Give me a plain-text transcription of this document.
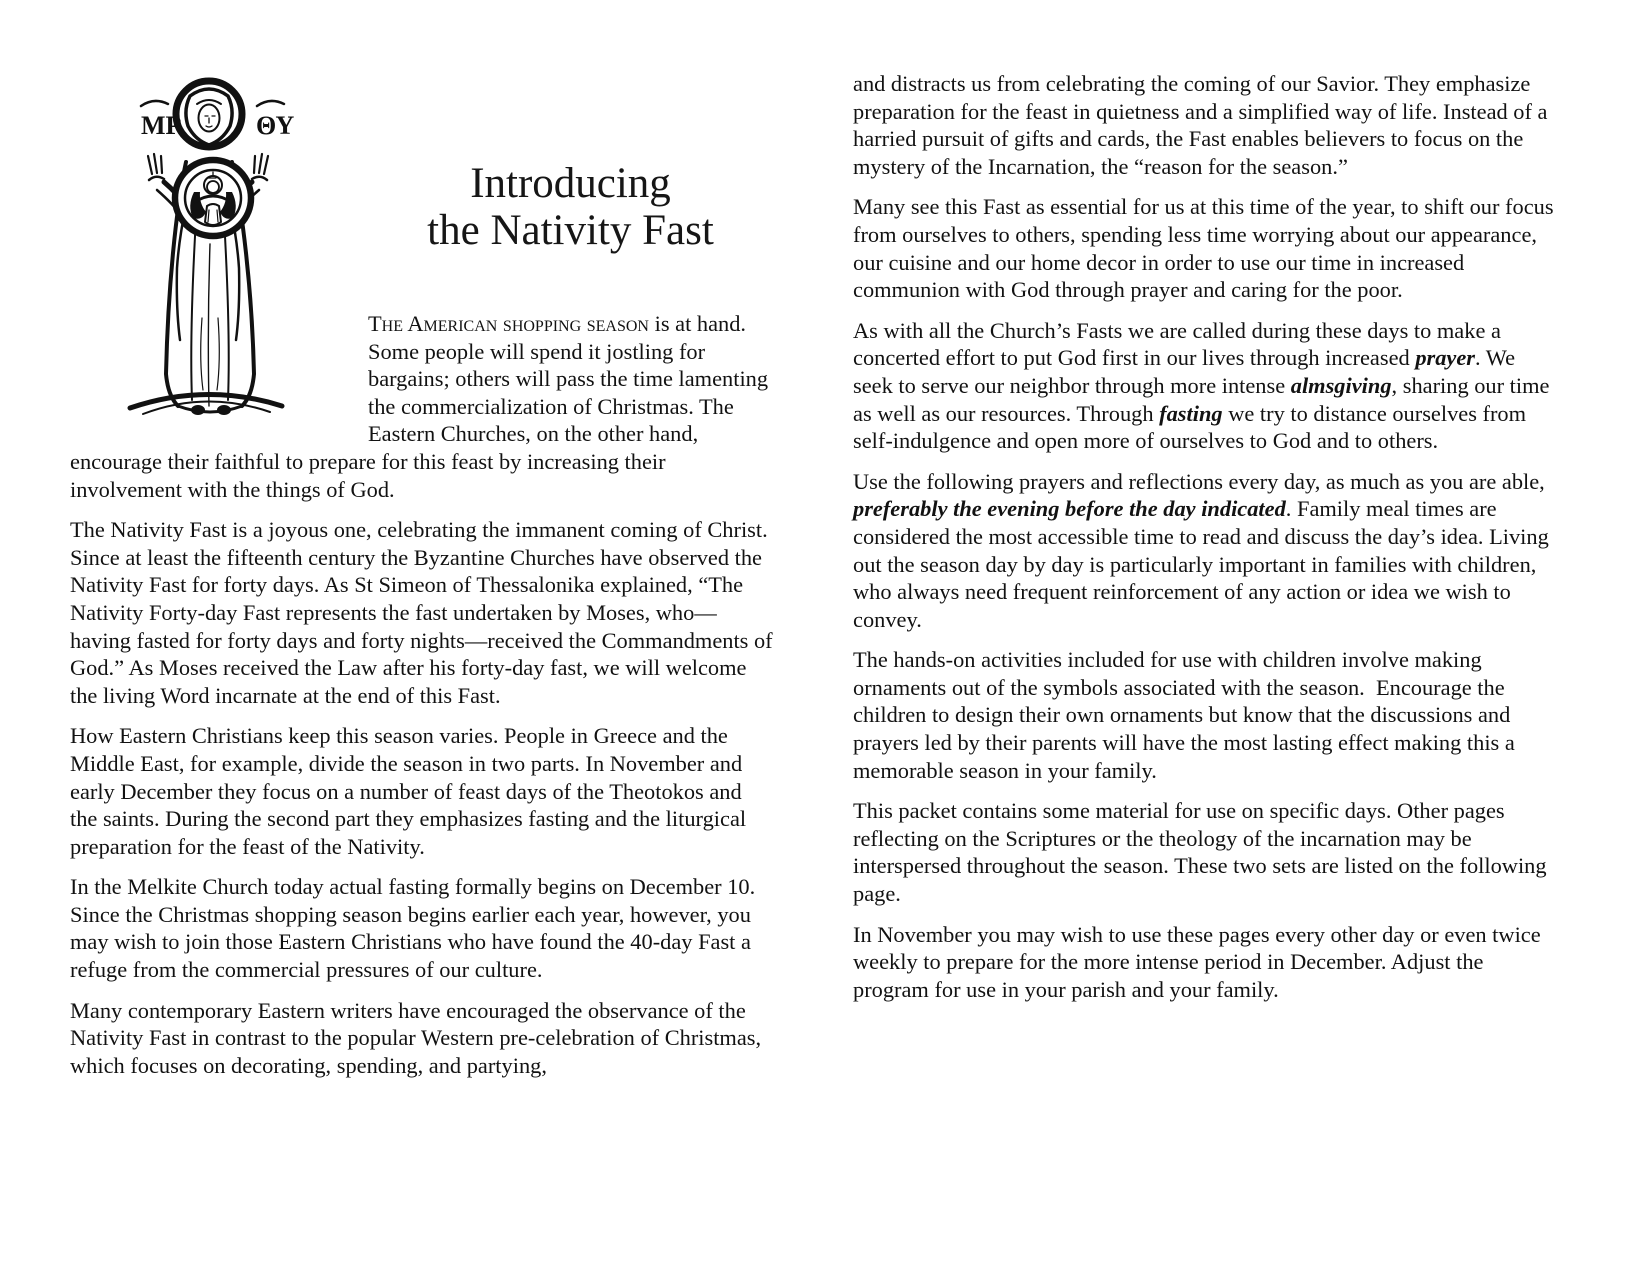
МР	ΘΥ
Introducing
the Nativity Fast

The American shopping season is at hand. Some people will spend it jostling for bargains; others will pass the time lamenting the commercialization of Christmas. The Eastern Churches, on the other hand, encourage their faithful to prepare for this feast by increasing their involvement with the things of God.

The Nativity Fast is a joyous one, celebrating the immanent coming of Christ. Since at least the fifteenth century the Byzantine Churches have observed the Nativity Fast for forty days. As St Simeon of Thessalonika explained, “The Nativity Forty-day Fast represents the fast undertaken by Moses, who—having fasted for forty days and forty nights—received the Commandments of God.” As Moses received the Law after his forty-day fast, we will welcome the living Word incarnate at the end of this Fast.

How Eastern Christians keep this season varies. People in Greece and the Middle East, for example, divide the season in two parts. In November and early December they focus on a number of feast days of the Theotokos and the saints. During the second part they emphasizes fasting and the liturgical preparation for the feast of the Nativity.

In the Melkite Church today actual fasting formally begins on December 10. Since the Christmas shopping season begins earlier each year, however, you may wish to join those Eastern Christians who have found the 40-day Fast a refuge from the commercial pressures of our culture.

Many contemporary Eastern writers have encouraged the observance of the Nativity Fast in contrast to the popular Western pre-celebration of Christmas, which focuses on decorating, spending, and partying,

and distracts us from celebrating the coming of our Savior. They emphasize preparation for the feast in quietness and a simplified way of life. Instead of a harried pursuit of gifts and cards, the Fast enables believers to focus on the mystery of the Incarnation, the “reason for the season.”

Many see this Fast as essential for us at this time of the year, to shift our focus from ourselves to others, spending less time worrying about our appearance, our cuisine and our home decor in order to use our time in increased communion with God through prayer and caring for the poor.

As with all the Church’s Fasts we are called during these days to make a concerted effort to put God first in our lives through increased prayer. We seek to serve our neighbor through more intense almsgiving, sharing our time as well as our resources. Through fasting we try to distance ourselves from self-indulgence and open more of ourselves to God and to others.

Use the following prayers and reflections every day, as much as you are able, preferably the evening before the day indicated. Family meal times are considered the most accessible time to read and discuss the day’s idea. Living out the season day by day is particularly important in families with children, who always need frequent reinforcement of any action or idea we wish to convey.

The hands-on activities included for use with children involve making ornaments out of the symbols associated with the season.  Encourage the children to design their own ornaments but know that the discussions and prayers led by their parents will have the most lasting effect making this a memorable season in your family.

This packet contains some material for use on specific days. Other pages reflecting on the Scriptures or the theology of the incarnation may be interspersed throughout the season. These two sets are listed on the following page.

In November you may wish to use these pages every other day or even twice weekly to prepare for the more intense period in December. Adjust the program for use in your parish and your family.
